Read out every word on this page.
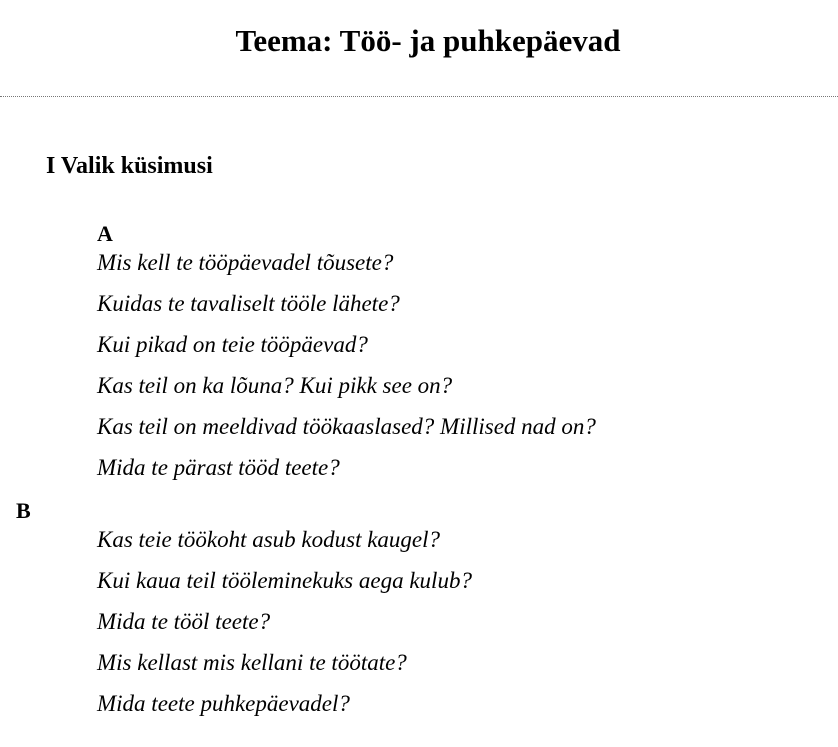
Teema: Töö- ja puhkepäevad
I Valik küsimusi
A
Mis kell te tööpäevadel tõusete?
Kuidas te tavaliselt tööle lähete?
Kui pikad on teie tööpäevad?
Kas teil on ka lõuna? Kui pikk see on?
Kas teil on meeldivad töökaaslased? Millised nad on?
Mida te pärast tööd teete?
B
Kas teie töökoht asub kodust kaugel?
Kui kaua teil tööleminekuks aega kulub?
Mida te tööl teete?
Mis kellast mis kellani te töötate?
Mida teete puhkepäevadel?
